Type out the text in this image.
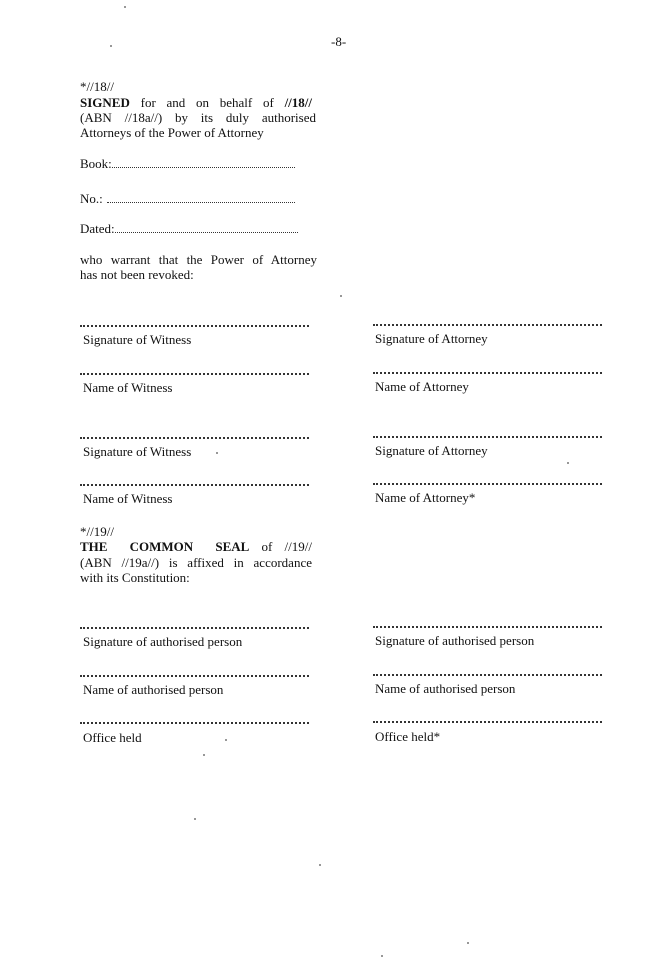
-8-
*//18//
SIGNED for and on behalf of //18//
(ABN //18a//) by its duly authorised
Attorneys of the Power of Attorney
Book:
No.:
Dated:
who warrant that the Power of Attorney
has not been revoked:
Signature of Witness	Signature of Attorney
Name of Witness	Name of Attorney
Signature of Witness	Signature of Attorney
Name of Witness	Name of Attorney*
*//19//
THE COMMON SEAL of //19//
(ABN //19a//) is affixed in accordance
with its Constitution:
Signature of authorised person	Signature of authorised person
Name of authorised person	Name of authorised person
Office held	Office held*
